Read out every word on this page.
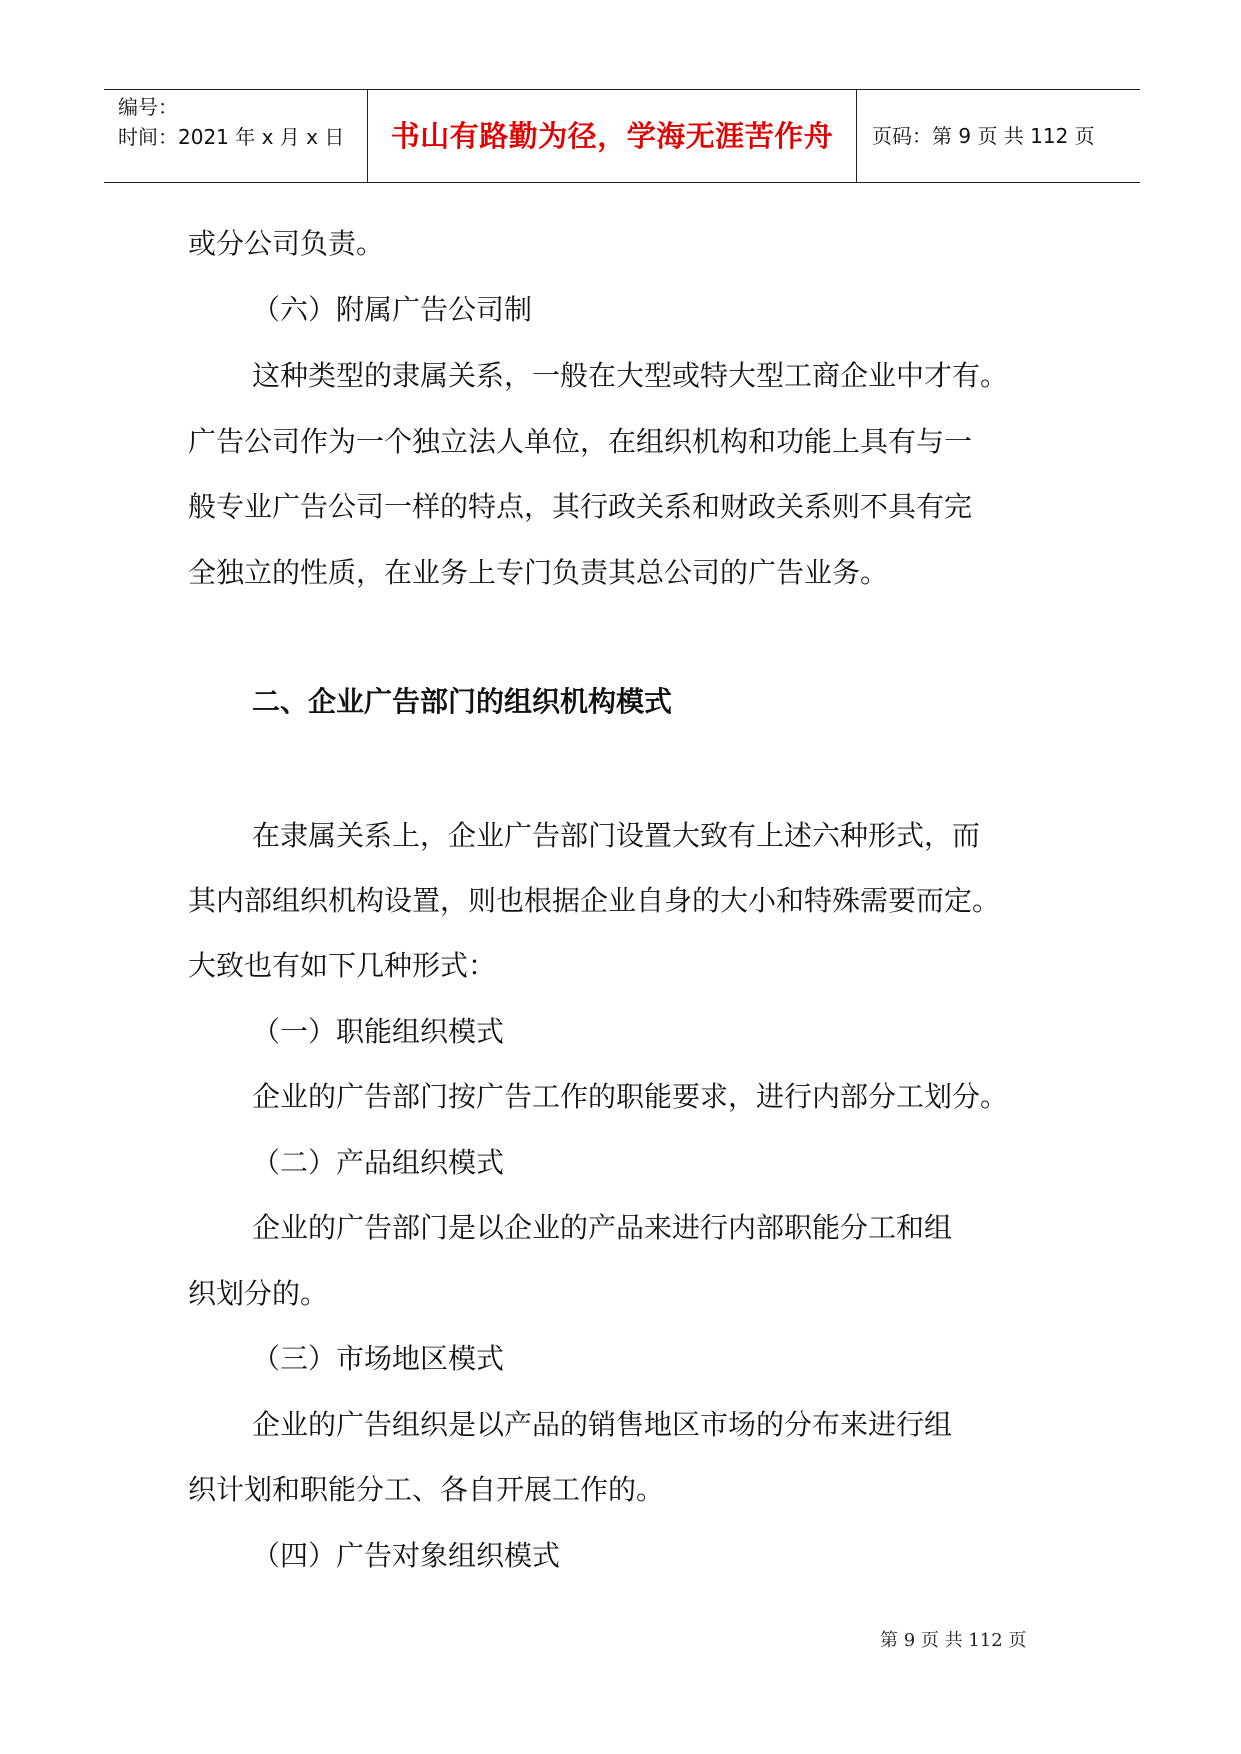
编号：
时间：2021 年 x 月 x 日	书山有路勤为径，学海无涯苦作舟	页码：第 9 页 共 112 页
或分公司负责。
（六）附属广告公司制
这种类型的隶属关系，一般在大型或特大型工商企业中才有。
广告公司作为一个独立法人单位，在组织机构和功能上具有与一
般专业广告公司一样的特点，其行政关系和财政关系则不具有完
全独立的性质，在业务上专门负责其总公司的广告业务。
二、企业广告部门的组织机构模式
在隶属关系上，企业广告部门设置大致有上述六种形式，而
其内部组织机构设置，则也根据企业自身的大小和特殊需要而定。
大致也有如下几种形式：
（一）职能组织模式
企业的广告部门按广告工作的职能要求，进行内部分工划分。
（二）产品组织模式
企业的广告部门是以企业的产品来进行内部职能分工和组
织划分的。
（三）市场地区模式
企业的广告组织是以产品的销售地区市场的分布来进行组
织计划和职能分工、各自开展工作的。
（四）广告对象组织模式
第 9 页 共 112 页
